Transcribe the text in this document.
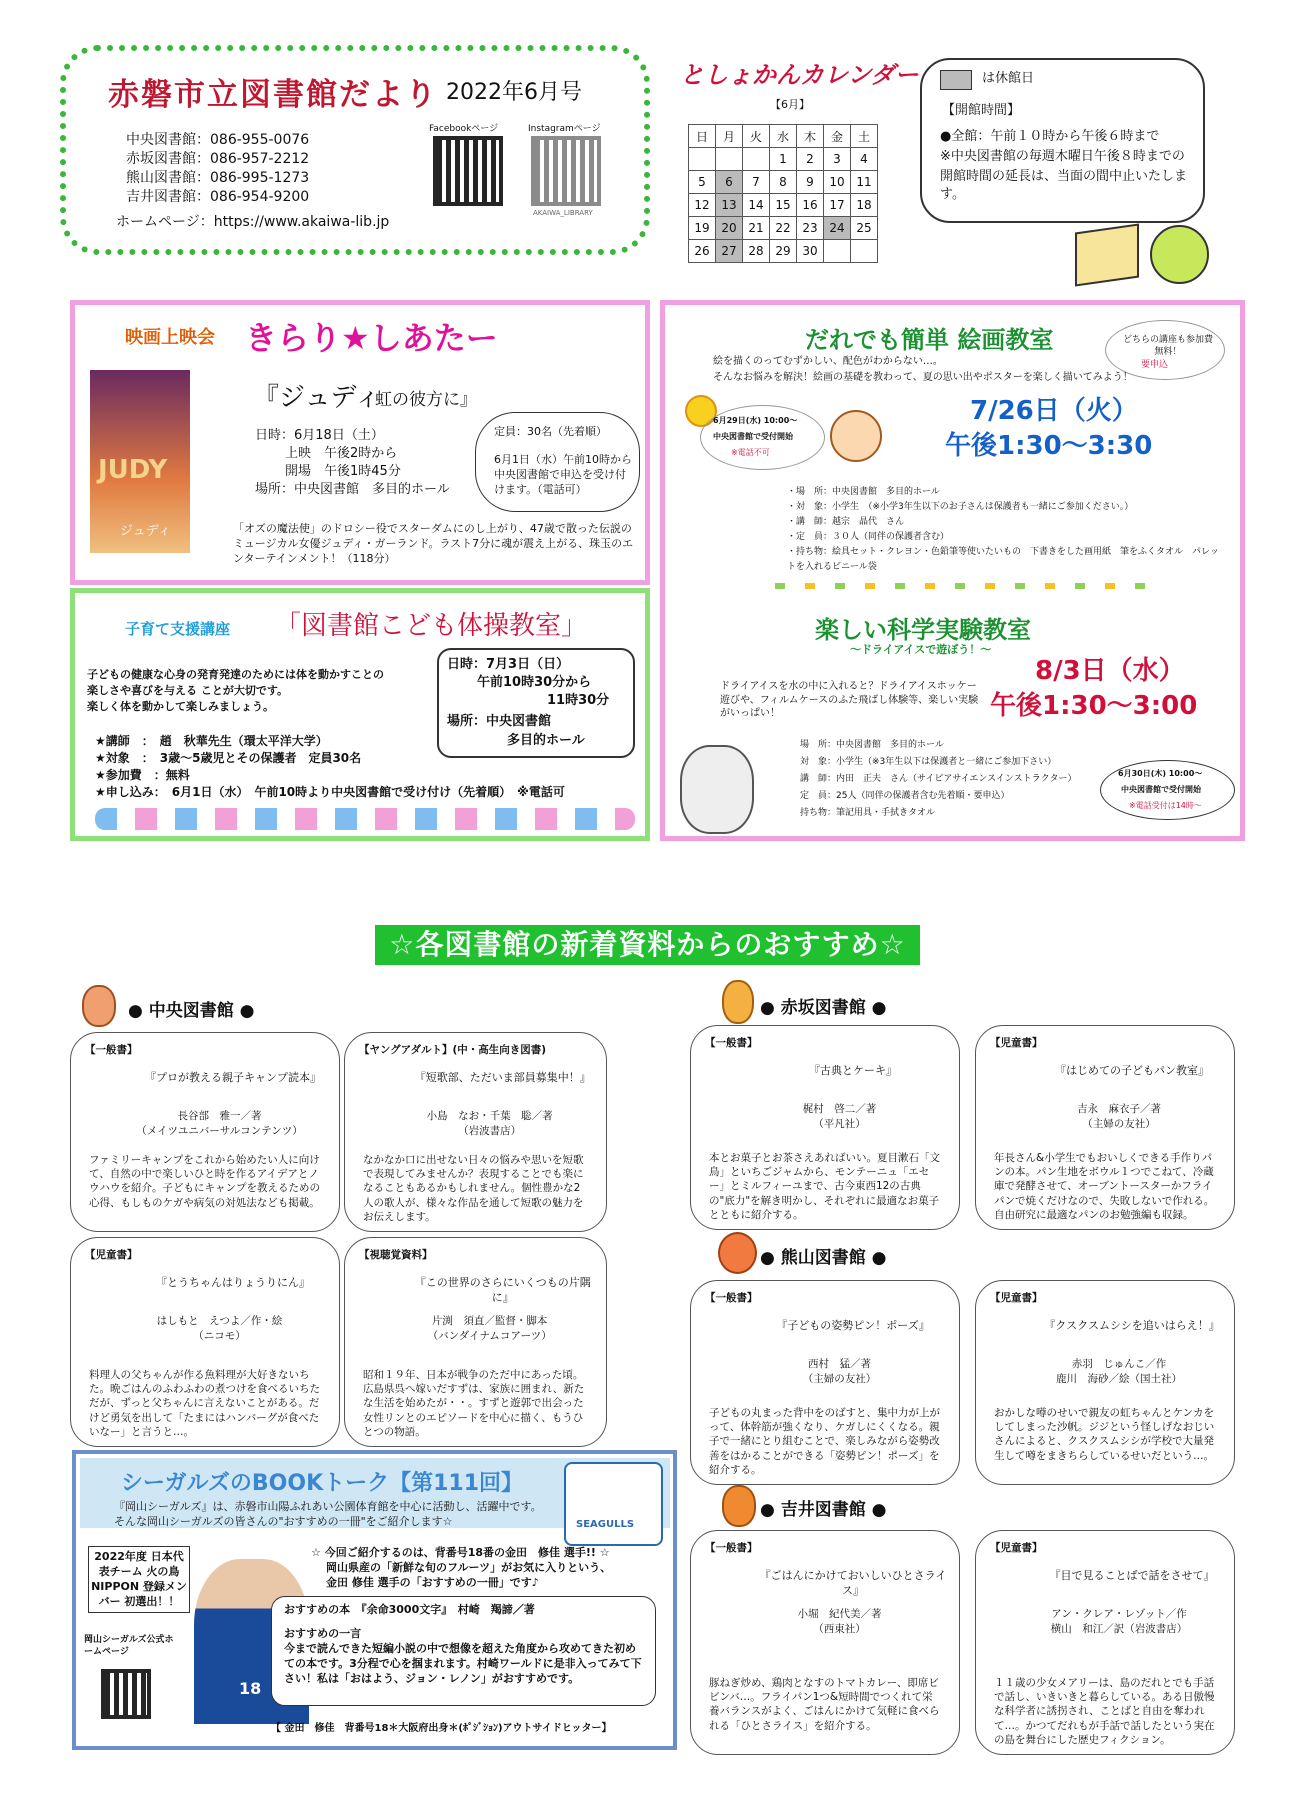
赤磐市立図書館だより 2022年6月号
中央図書館：086-955-0076
赤坂図書館：086-957-2212
熊山図書館：086-995-1273
吉井図書館：086-954-9200
ホームページ：https://www.akaiwa-lib.jp
Facebookページ	Instagramページ
AKAIWA_LIBRARY
としょかんカレンダー
【6月】
日	月	火	水	木	金	土
			1	2	3	4
5	6	7	8	9	10	11
12	13	14	15	16	17	18
19	20	21	22	23	24	25
26	27	28	29	30		
は休館日
【開館時間】
●全館：午前１０時から午後６時まで
※中央図書館の毎週木曜日午後８時までの
開館時間の延長は、当面の間中止いたします。
映画上映会 きらり★しあたー
JUDY
ジュディ
『ジュディ
虹の彼方に』
日時：6月18日（土）
上映　午後2時から
開場　午後1時45分
場所：中央図書館　多目的ホール
定員：30名（先着順）
6月1日（水）午前10時から中央図書館で申込を受け付けます。（電話可）
「オズの魔法使」のドロシー役でスターダムにのし上がり、47歳で散った伝説のミュージカル女優ジュディ・ガーランド。ラスト7分に魂が震え上がる、珠玉のエンターテインメント！（118分）
子育て支援講座 「図書館こども体操教室」
子どもの健康な心身の発育発達のためには体を動かすことの
楽しさや喜びを与える ことが大切です。
楽しく体を動かして楽しみましょう。
★講師　：　趙　秋華先生（環太平洋大学）
★対象　：　3歳～5歳児とその保護者　定員30名
★参加費　：無料
★申し込み：　6月1日（水）　午前10時より中央図書館で受け付け（先着順）　※電話可
日時：7月3日（日）
午前10時30分から
11時30分
場所：中央図書館
多目的ホール
だれでも簡単 絵画教室	どちらの講座も参加費無料！
要申込
絵を描くのってむずかしい、配色がわからない…。
そんなお悩みを解決！絵画の基礎を教わって、夏の思い出やポスターを楽しく描いてみよう！
6月29日(水) 10:00～
中央図書館で受付開始
※電話不可
7/26日（火）
午後1:30～3:30
・場　所：中央図書館　多目的ホール
・対　象：小学生　（※小学3年生以下のお子さんは保護者も一緒にご参加ください。）
・講　師：越宗　晶代　さん
・定　員：３０人（同伴の保護者含む）
・持ち物：絵具セット・クレヨン・色鉛筆等使いたいもの　下書きをした画用紙　筆をふくタオル　パレットを入れるビニール袋
楽しい科学実験教室
～ドライアイスで遊ぼう！～
ドライアイスを水の中に入れると？ドライアイスホッケー遊びや、フィルムケースのふた飛ばし体験等、楽しい実験がいっぱい！
8/3日（水）
午後1:30～3:00
場　所：中央図書館　多目的ホール
対　象：小学生（※3年生以下は保護者と一緒にご参加下さい）
講　師：内田　正夫　さん（サイピアサイエンスインストラクター）
定　員：25人（同伴の保護者含む先着順・要申込）
持ち物：筆記用具・手拭きタオル
6月30日(木) 10:00～
中央図書館で受付開始
※電話受付は14時～
☆各図書館の新着資料からのおすすめ☆
● 中央図書館 ●
【一般書】
『プロが教える親子キャンプ読本』
長谷部　雅一／著
（メイツユニバーサルコンテンツ）
ファミリーキャンプをこれから始めたい人に向けて、自然の中で楽しいひと時を作るアイデアとノウハウを紹介。子どもにキャンプを教えるための心得、もしものケガや病気の対処法なども掲載。
【ヤングアダルト】(中・高生向き図書)
『短歌部、ただいま部員募集中！』
小島　なお・千葉　聡／著
（岩波書店）
なかなか口に出せない日々の悩みや思いを短歌で表現してみませんか？表現することでも楽になることもあるかもしれません。個性豊かな2人の歌人が、様々な作品を通して短歌の魅力をお伝えします。
【児童書】
『とうちゃんはりょうりにん』
はしもと　えつよ／作・絵
（ニコモ）
料理人の父ちゃんが作る魚料理が大好きないちた。晩ごはんのふわふわの煮つけを食べるいちただが、ずっと父ちゃんに言えないことがある。だけど勇気を出して「たまにはハンバーグが食べたいなー」と言うと…。
【視聴覚資料】
『この世界のさらにいくつもの片隅に』
片渕　須直／監督・脚本
（バンダイナムコアーツ）
昭和１９年、日本が戦争のただ中にあった頃。広島県呉へ嫁いだすずは、家族に囲まれ、新たな生活を始めたが・・。すずと遊郭で出会った女性リンとのエピソードを中心に描く、もうひとつの物語。
● 赤坂図書館 ●
【一般書】
『古典とケーキ』
梶村　啓二／著
（平凡社）
本とお菓子とお茶さえあればいい。夏目漱石「文鳥」といちごジャムから、モンテーニュ「エセー」とミルフィーユまで、古今東西12の古典の"底力"を解き明かし、それぞれに最適なお菓子とともに紹介する。
【児童書】
『はじめての子どもパン教室』
吉永　麻衣子／著
（主婦の友社）
年長さん&小学生でもおいしくできる手作りパンの本。パン生地をボウル１つでこねて、冷蔵庫で発酵させて、オーブントースターかフライパンで焼くだけなので、失敗しないで作れる。自由研究に最適なパンのお勉強編も収録。
● 熊山図書館 ●
【一般書】
『子どもの姿勢ピン！ポーズ』
西村　猛／著
（主婦の友社）
子どもの丸まった背中をのばすと、集中力が上がって、体幹筋が強くなり、ケガしにくくなる。親子で一緒にとり組むことで、楽しみながら姿勢改善をはかることができる「姿勢ピン！ポーズ」を紹介する。
【児童書】
『クスクスムシシを追いはらえ！』
赤羽　じゅんこ／作
鹿川　海砂／絵（国土社）
おかしな噂のせいで親友の虹ちゃんとケンカをしてしまった沙帆。ジジという怪しげなおじいさんによると、クスクスムシシが学校で大量発生して噂をまきちらしているせいだという…。
● 吉井図書館 ●
【一般書】
『ごはんにかけておいしいひとさライス』
小堀　紀代美／著
（西東社）
豚ねぎ炒め、鶏肉となすのトマトカレー、即席ビビンバ…。フライパン1つ&短時間でつくれて栄養バランスがよく、ごはんにかけて気軽に食べられる「ひとさライス」を紹介する。
【児童書】
『目で見ることばで話をさせて』
アン・クレア・レゾット／作
横山　和江／訳（岩波書店）
１１歳の少女メアリーは、島のだれとでも手話で話し、いきいきと暮らしている。ある日傲慢な科学者に誘拐され、ことばと自由を奪われて…。かつてだれもが手話で話したという実在の島を舞台にした歴史フィクション。
シーガルズのBOOKトーク【第111回】
『岡山シーガルズ』は、赤磐市山陽ふれあい公園体育館を中心に活動し、活躍中です。
そんな岡山シーガルズの皆さんの"おすすめの一冊"をご紹介します☆	SEAGULLS
2022年度 日本代表チーム 火の鳥NIPPON 登録メンバー 初選出！！
岡山シーガルズ公式ホームページ
18
☆ 今回ご紹介するのは、背番号18番の金田　修佳 選手!! ☆
岡山県産の「新鮮な旬のフルーツ」がお気に入りという、
金田 修佳 選手の「おすすめの一冊」です♪
おすすめの本　『余命3000文字』　村崎　羯諦／著
おすすめの一言
今まで読んできた短編小説の中で想像を超えた角度から攻めてきた初めての本です。3分程で心を掴まれます。村崎ワールドに是非入ってみて下さい！私は「おはよう、ジョン・レノン」がおすすめです。
【 金田　修佳　背番号18＊大阪府出身＊(ﾎﾟｼﾞｼｮﾝ)アウトサイドヒッター】
